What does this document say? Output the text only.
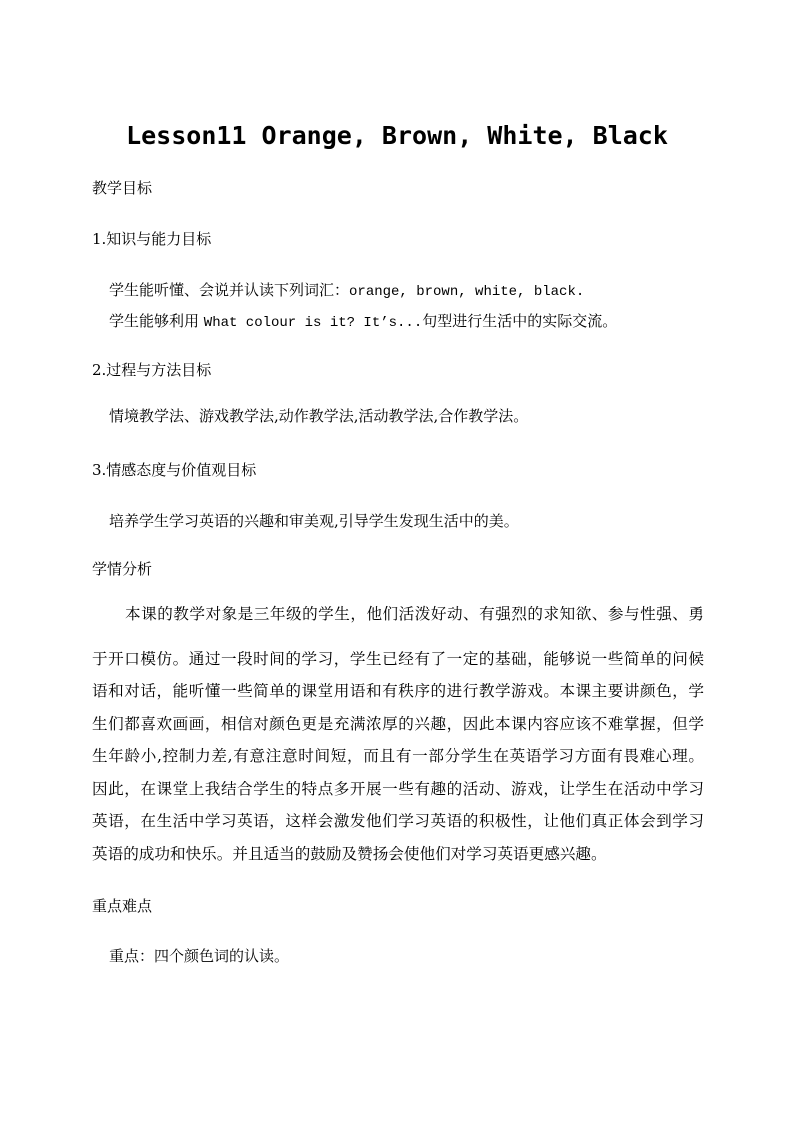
Lesson11 Orange, Brown, White, Black
教学目标
1.知识与能力目标
学生能听懂、会说并认读下列词汇：orange, brown, white, black.
学生能够利用 What colour is it? It’s...句型进行生活中的实际交流。
2.过程与方法目标
情境教学法、游戏教学法,动作教学法,活动教学法,合作教学法。
3.情感态度与价值观目标
培养学生学习英语的兴趣和审美观,引导学生发现生活中的美。
学情分析
本课的教学对象是三年级的学生，他们活泼好动、有强烈的求知欲、参与性强、勇
于开口模仿。通过一段时间的学习，学生已经有了一定的基础，能够说一些简单的问候
语和对话，能听懂一些简单的课堂用语和有秩序的进行教学游戏。本课主要讲颜色，学
生们都喜欢画画，相信对颜色更是充满浓厚的兴趣，因此本课内容应该不难掌握，但学
生年龄小,控制力差,有意注意时间短，而且有一部分学生在英语学习方面有畏难心理。
因此，在课堂上我结合学生的特点多开展一些有趣的活动、游戏，让学生在活动中学习
英语，在生活中学习英语，这样会激发他们学习英语的积极性，让他们真正体会到学习
英语的成功和快乐。并且适当的鼓励及赞扬会使他们对学习英语更感兴趣。
重点难点
重点：四个颜色词的认读。
